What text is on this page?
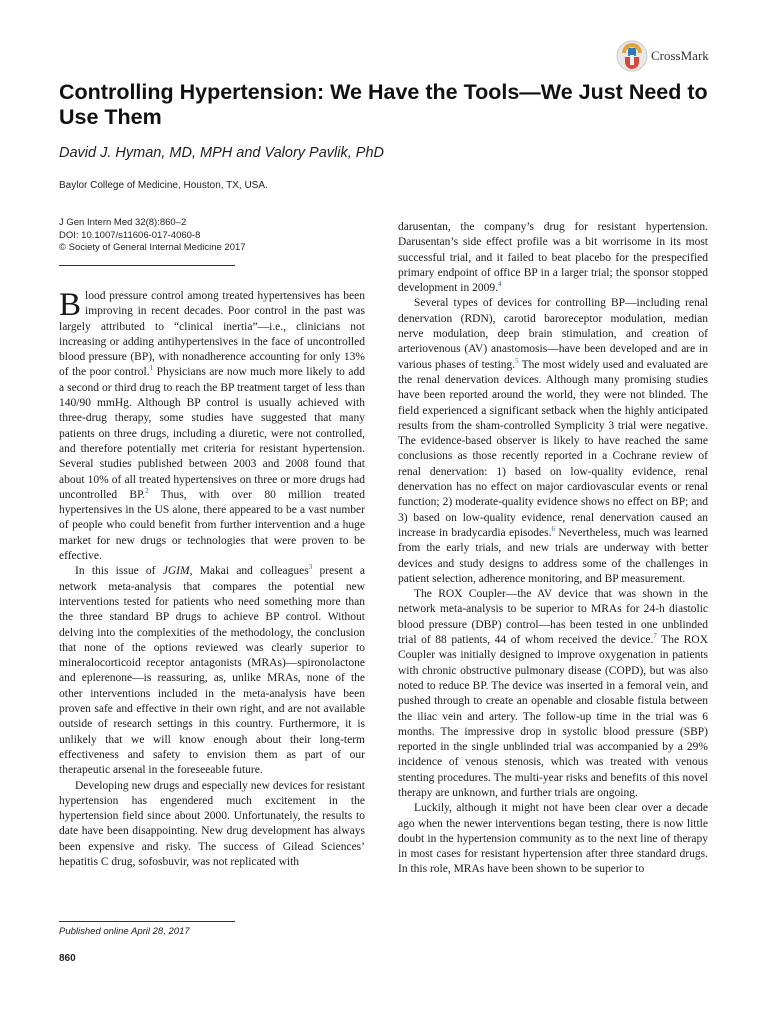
CrossMark
Controlling Hypertension: We Have the Tools—We Just Need to Use Them
David J. Hyman, MD, MPH and Valory Pavlik, PhD
Baylor College of Medicine, Houston, TX, USA.
J Gen Intern Med 32(8):860–2
DOI: 10.1007/s11606-017-4060-8
© Society of General Internal Medicine 2017

Blood pressure control among treated hypertensives has been improving in recent decades. Poor control in the past was largely attributed to “clinical inertia”—i.e., clinicians not increasing or adding antihypertensives in the face of uncontrolled blood pressure (BP), with nonadherence accounting for only 13% of the poor control.$^1$ Physicians are now much more likely to add a second or third drug to reach the BP treatment target of less than 140/90 mmHg. Although BP control is usually achieved with three-drug therapy, some studies have suggested that many patients on three drugs, including a diuretic, were not controlled, and therefore potentially met criteria for resistant hypertension. Several studies published between 2003 and 2008 found that about 10% of all treated hypertensives on three or more drugs had uncontrolled BP.$^2$ Thus, with over 80 million treated hypertensives in the US alone, there appeared to be a vast number of people who could benefit from further intervention and a huge market for new drugs or technologies that were proven to be effective.

In this issue of JGIM, Makai and colleagues$^3$ present a network meta-analysis that compares the potential new interventions tested for patients who need something more than the three standard BP drugs to achieve BP control. Without delving into the complexities of the methodology, the conclusion that none of the options reviewed was clearly superior to mineralocorticoid receptor antagonists (MRAs)—spironolactone and eplerenone—is reassuring, as, unlike MRAs, none of the other interventions included in the meta-analysis have been proven safe and effective in their own right, and are not available outside of research settings in this country. Furthermore, it is unlikely that we will know enough about their long-term effectiveness and safety to envision them as part of our therapeutic arsenal in the foreseeable future.

Developing new drugs and especially new devices for resistant hypertension has engendered much excitement in the hypertension field since about 2000. Unfortunately, the results to date have been disappointing. New drug development has always been expensive and risky. The success of Gilead Sciences’ hepatitis C drug, sofosbuvir, was not replicated with

darusentan, the company’s drug for resistant hypertension. Darusentan’s side effect profile was a bit worrisome in its most successful trial, and it failed to beat placebo for the prespecified primary endpoint of office BP in a larger trial; the sponsor stopped development in 2009.$^4$

Several types of devices for controlling BP—including renal denervation (RDN), carotid baroreceptor modulation, median nerve modulation, deep brain stimulation, and creation of arteriovenous (AV) anastomosis—have been developed and are in various phases of testing.$^5$ The most widely used and evaluated are the renal denervation devices. Although many promising studies have been reported around the world, they were not blinded. The field experienced a significant setback when the highly anticipated results from the sham-controlled Symplicity 3 trial were negative. The evidence-based observer is likely to have reached the same conclusions as those recently reported in a Cochrane review of renal denervation: 1) based on low-quality evidence, renal denervation has no effect on major cardiovascular events or renal function; 2) moderate-quality evidence shows no effect on BP; and 3) based on low-quality evidence, renal denervation caused an increase in bradycardia episodes.$^6$ Nevertheless, much was learned from the early trials, and new trials are underway with better devices and study designs to address some of the challenges in patient selection, adherence monitoring, and BP measurement.

The ROX Coupler—the AV device that was shown in the network meta-analysis to be superior to MRAs for 24-h diastolic blood pressure (DBP) control—has been tested in one unblinded trial of 88 patients, 44 of whom received the device.$^7$ The ROX Coupler was initially designed to improve oxygenation in patients with chronic obstructive pulmonary disease (COPD), but was also noted to reduce BP. The device was inserted in a femoral vein, and pushed through to create an openable and closable fistula between the iliac vein and artery. The follow-up time in the trial was 6 months. The impressive drop in systolic blood pressure (SBP) reported in the single unblinded trial was accompanied by a 29% incidence of venous stenosis, which was treated with venous stenting procedures. The multi-year risks and benefits of this novel therapy are unknown, and further trials are ongoing.

Luckily, although it might not have been clear over a decade ago when the newer interventions began testing, there is now little doubt in the hypertension community as to the next line of therapy in most cases for resistant hypertension after three standard drugs. In this role, MRAs have been shown to be superior to

Published online April 28, 2017
860
